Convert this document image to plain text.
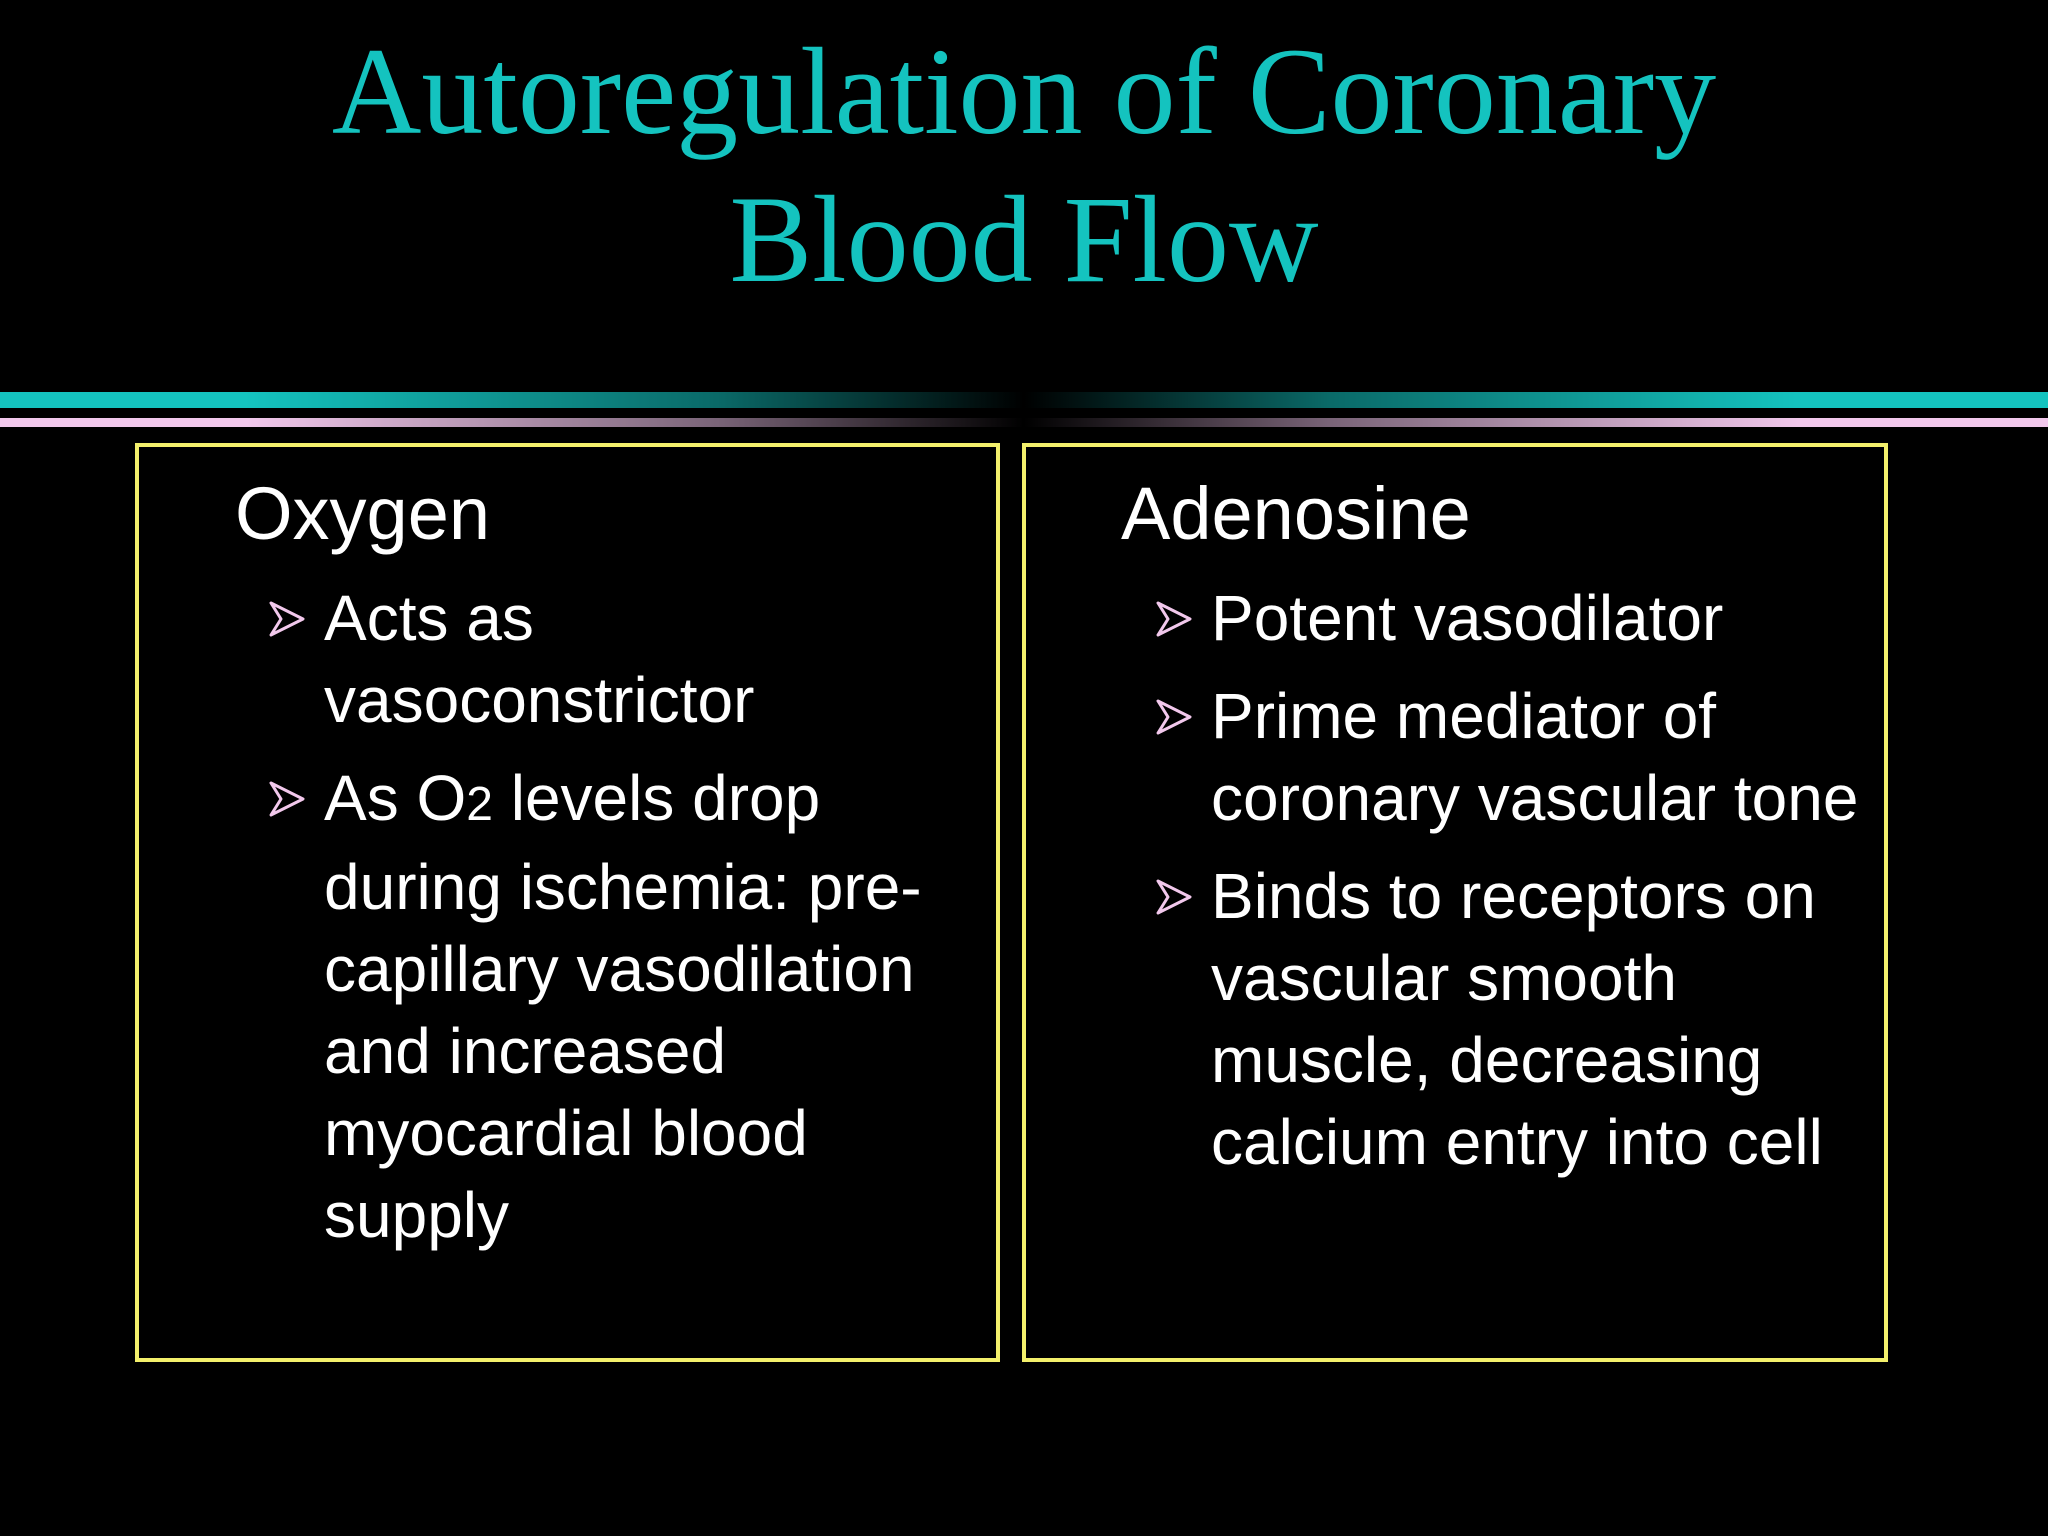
Autoregulation of Coronary
Blood Flow
Oxygen
Acts as vasoconstrictor
As O2 levels drop during ischemia: pre-capillary vasodilation and increased myocardial blood supply
Adenosine
Potent vasodilator
Prime mediator of coronary vascular tone
Binds to receptors on vascular smooth muscle, decreasing calcium entry into cell
